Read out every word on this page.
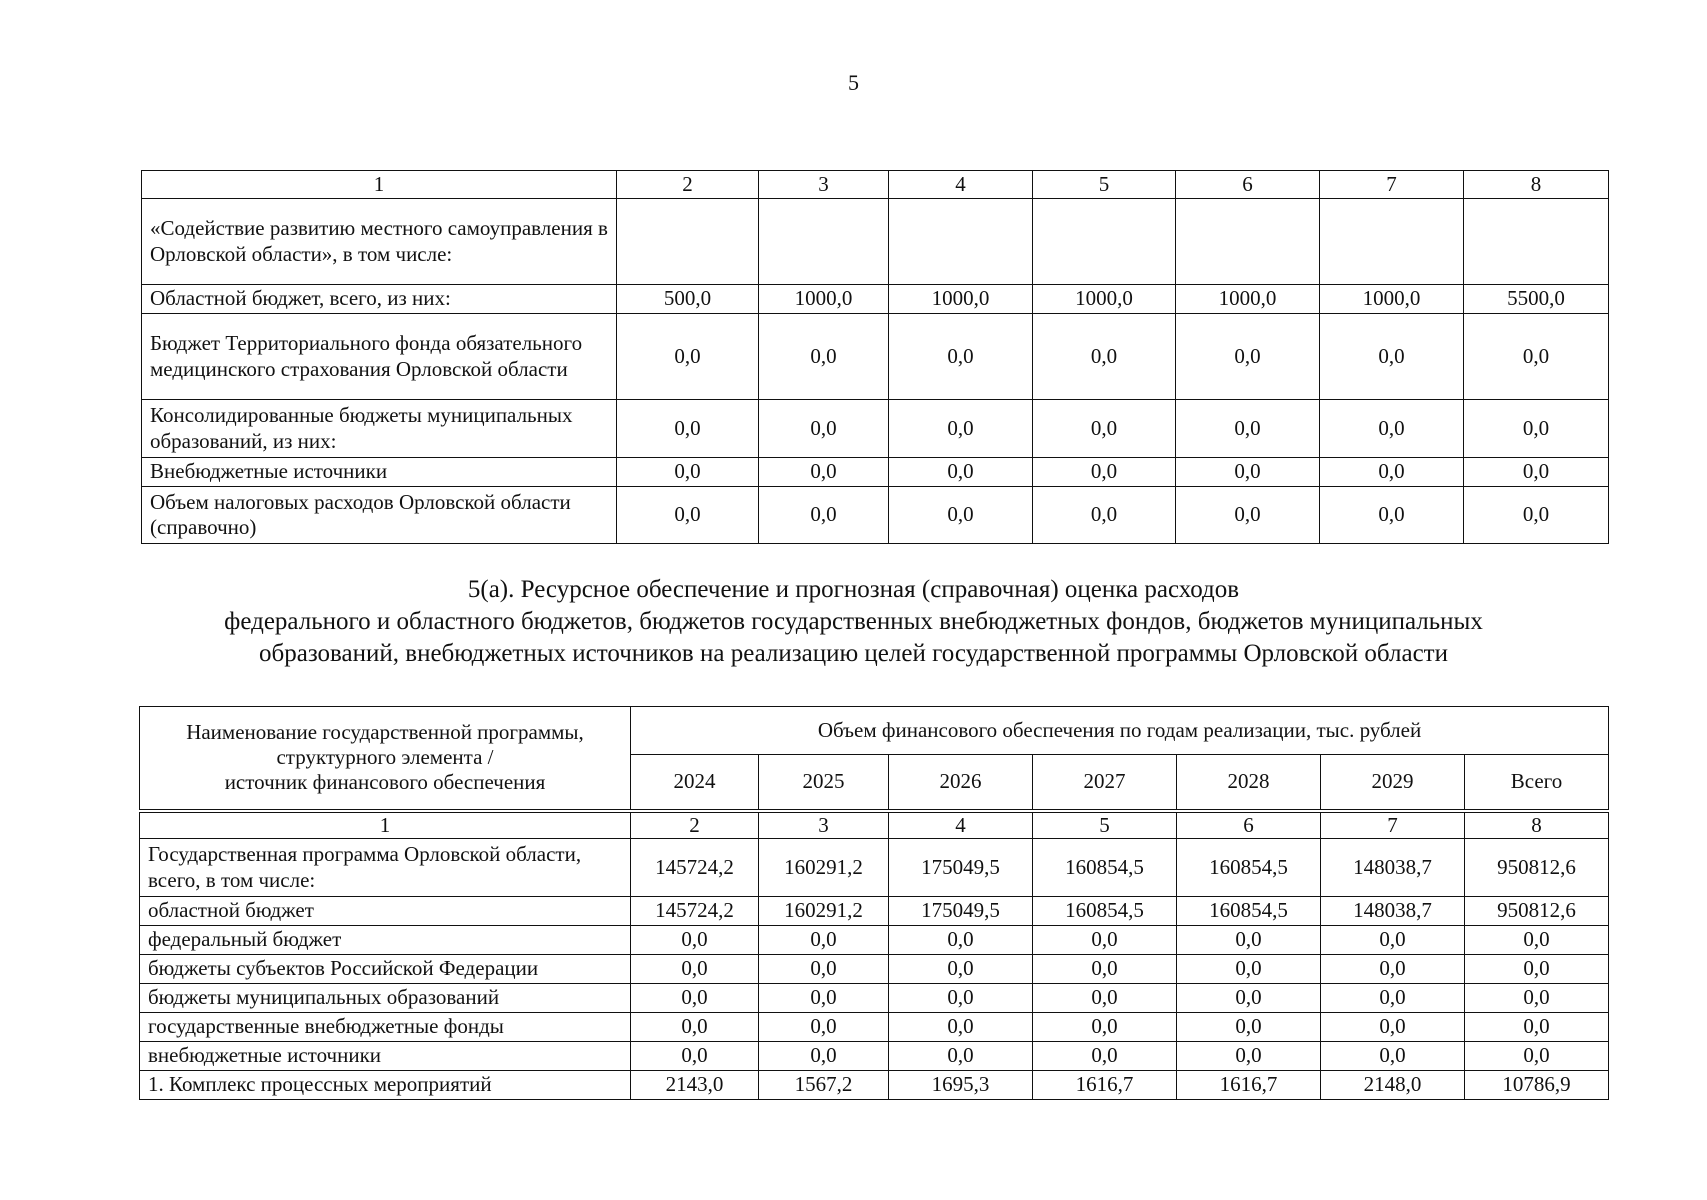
5
1	2	3	4	5	6	7	8
«Содействие развитию местного самоуправления в Орловской области», в том числе:							
Областной бюджет, всего, из них:	500,0	1000,0	1000,0	1000,0	1000,0	1000,0	5500,0
Бюджет Территориального фонда обязательного медицинского страхования Орловской области	0,0	0,0	0,0	0,0	0,0	0,0	0,0
Консолидированные бюджеты муниципальных образований, из них:	0,0	0,0	0,0	0,0	0,0	0,0	0,0
Внебюджетные источники	0,0	0,0	0,0	0,0	0,0	0,0	0,0
Объем налоговых расходов Орловской области (справочно)	0,0	0,0	0,0	0,0	0,0	0,0	0,0
5(а). Ресурсное обеспечение и прогнозная (справочная) оценка расходов
федерального и областного бюджетов, бюджетов государственных внебюджетных фондов, бюджетов муниципальных
образований, внебюджетных источников на реализацию целей государственной программы Орловской области
Наименование государственной программы,
структурного элемента /
источник финансового обеспечения	Объем финансового обеспечения по годам реализации, тыс. рублей						
	2024	2025	2026	2027	2028	2029	Всего
1	2	3	4	5	6	7	8
Государственная программа Орловской области, всего, в том числе:	145724,2	160291,2	175049,5	160854,5	160854,5	148038,7	950812,6
областной бюджет	145724,2	160291,2	175049,5	160854,5	160854,5	148038,7	950812,6
федеральный бюджет	0,0	0,0	0,0	0,0	0,0	0,0	0,0
бюджеты субъектов Российской Федерации	0,0	0,0	0,0	0,0	0,0	0,0	0,0
бюджеты муниципальных образований	0,0	0,0	0,0	0,0	0,0	0,0	0,0
государственные внебюджетные фонды	0,0	0,0	0,0	0,0	0,0	0,0	0,0
внебюджетные источники	0,0	0,0	0,0	0,0	0,0	0,0	0,0
1. Комплекс процессных мероприятий	2143,0	1567,2	1695,3	1616,7	1616,7	2148,0	10786,9
